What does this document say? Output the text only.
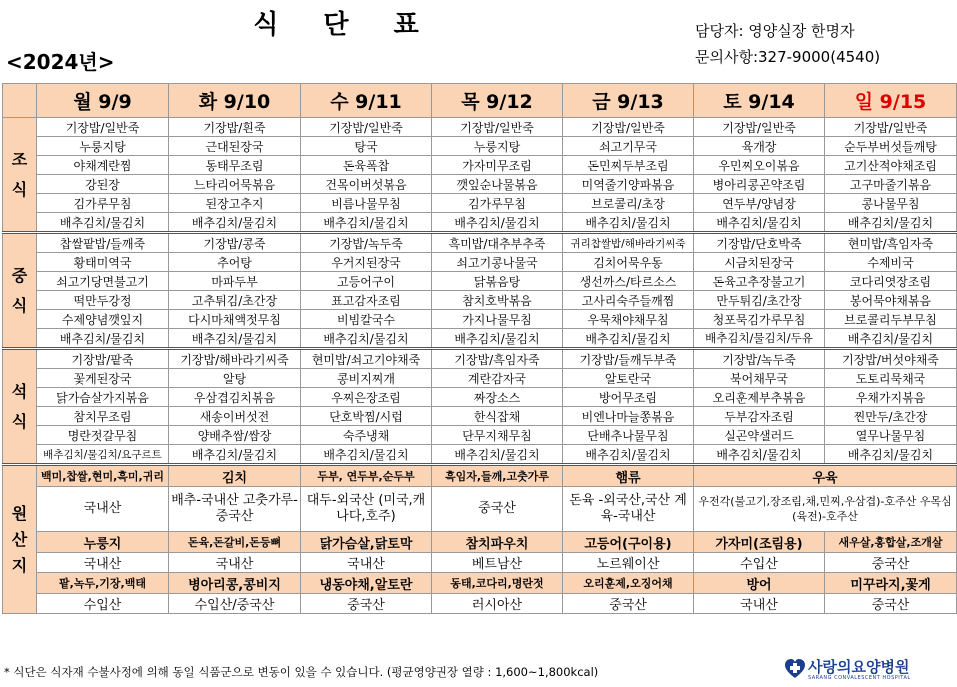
식 단 표
<2024년>
담당자: 영양실장 한명자
문의사항:327-9000(4540)
	월 9/9	화 9/10	수 9/11	목 9/12	금 9/13	토 9/14	일 9/15
조 식	기장밥/일반죽	기장밥/흰죽	기장밥/일반죽	기장밥/일반죽	기장밥/일반죽	기장밥/일반죽	기장밥/일반죽
	누룽지탕	근대된장국	탕국	누룽지탕	쇠고기무국	육개장	순두부버섯들깨탕
	야채계란찜	동태무조림	돈육폭찹	가자미무조림	돈민찌두부조림	우민찌오이볶음	고기산적야채조림
	강된장	느타리어묵볶음	건목이버섯볶음	깻잎순나물볶음	미역줄기양파볶음	병아리콩곤약조림	고구마줄기볶음
	김가루무침	된장고추지	비름나물무침	김가루무침	브로콜리/초장	연두부/양념장	콩나물무침
	배추김치/물김치	배추김치/물김치	배추김치/물김치	배추김치/물김치	배추김치/물김치	배추김치/물김치	배추김치/물김치
중 식	찹쌀팥밥/들깨죽	기장밥/콩죽	기장밥/녹두죽	흑미밥/대추부추죽	귀리찹쌀밥/해바라기씨죽	기장밥/단호박죽	현미밥/흑임자죽
	황태미역국	추어탕	우거지된장국	쇠고기콩나물국	김치어묵우동	시금치된장국	수제비국
	쇠고기당면불고기	마파두부	고등어구이	닭볶음탕	생선까스/타르소스	돈육고추장불고기	코다리엿장조림
	떡만두강정	고추튀김/초간장	표고감자조림	참치호박볶음	고사리숙주들깨찜	만두튀김/초간장	봉어묵야채볶음
	수제양념깻잎지	다시마채액젓무침	비빔칼국수	가지나물무침	우묵채야채무침	청포묵김가루무침	브로콜리두부무침
	배추김치/물김치	배추김치/물김치	배추김치/물김치	배추김치/물김치	배추김치/물김치	배추김치/물김치/두유	배추김치/물김치
석 식	기장밥/팥죽	기장밥/해바라기씨죽	현미밥/쇠고기야채죽	기장밥/흑임자죽	기장밥/들깨두부죽	기장밥/녹두죽	기장밥/버섯야채죽
	꽃게된장국	알탕	콩비지찌개	계란감자국	알토란국	북어채무국	도토리묵채국
	닭가슴살가지볶음	우삼겹김치볶음	우찌은장조림	짜장소스	방어무조림	오리훈제부추볶음	우채가지볶음
	참치무조림	새송이버섯전	단호박찜/시럽	한식잡채	비엔나마늘쫑볶음	두부감자조림	찐만두/초간장
	명란젓갈무침	양배추쌈/쌈장	숙주냉채	단무지채무침	단배추나물무침	실곤약샐러드	열무나물무침
	배추김치/물김치/요구르트	배추김치/물김치	배추김치/물김치	배추김치/물김치	배추김치/물김치	배추김치/물김치	배추김치/물김치
원 산 지	백미,찹쌀,현미,흑미,귀리	김치	두부, 연두부,순두부	흑임자,들깨,고춧가루	햄류	우육	
	국내산	배추-국내산 고춧가루-중국산	대두-외국산 (미국,캐나다,호주)	중국산	돈육 -외국산,국산 계육-국내산	우전각(불고기,장조림,채,민찌,우삼겹)-호주산 우목심(육전)-호주산	
	누룽지	돈육,돈갈비,돈등뼈	닭가슴살,닭토막	참치파우치	고등어(구이용)	가자미(조림용)	새우살,홍합살,조개살
	국내산	국내산	국내산	베트남산	노르웨이산	수입산	중국산
	팥,녹두,기장,백태	병아리콩,콩비지	냉동야채,알토란	동태,코다리,명란젓	오리훈제,오징어채	방어	미꾸라지,꽃게
	수입산	수입산/중국산	중국산	러시아산	중국산	국내산	중국산
* 식단은 식자재 수불사정에 의해 동일 식품군으로 변동이 있을 수 있습니다. (평균영양권장 열량 : 1,600~1,800kcal)	사랑의요양병원
SARANG CONVALESCENT HOSPITAL
